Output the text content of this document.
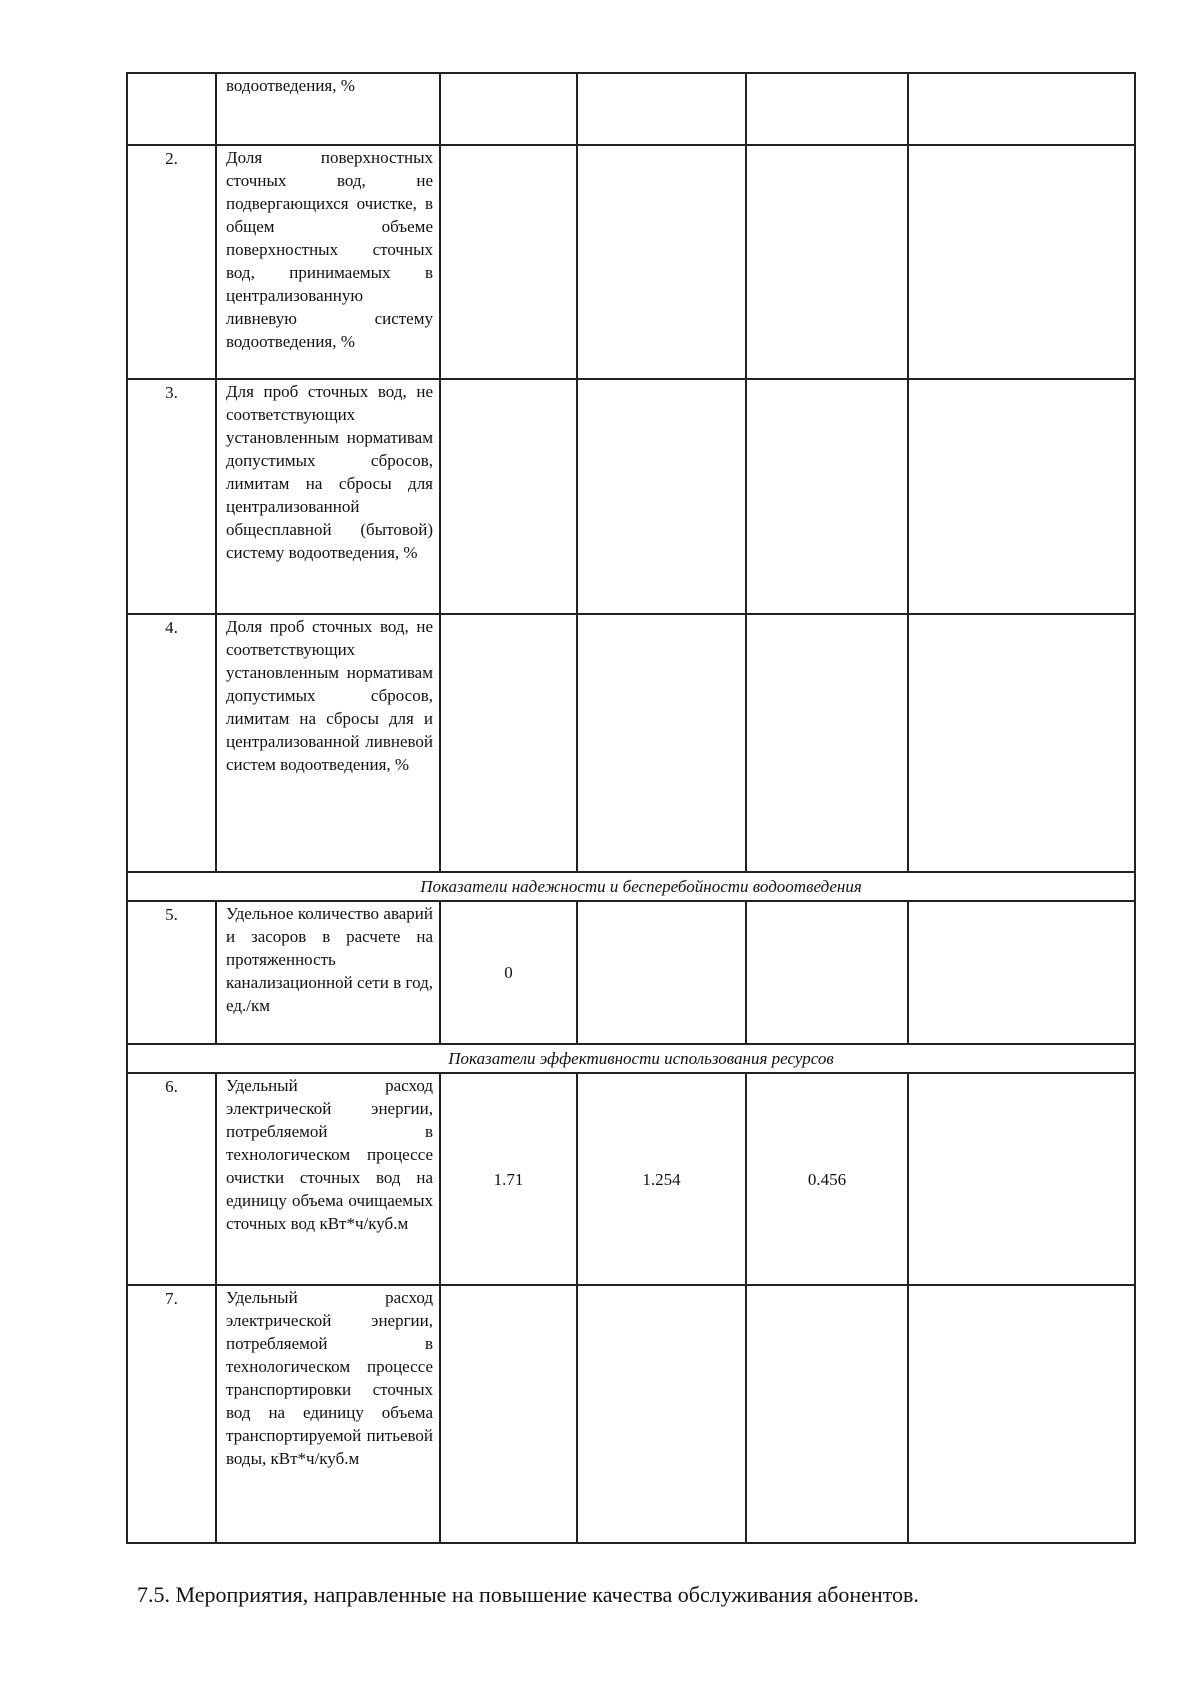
	водоотведения, %				

2.	Доля поверхностных сточных вод, не подвергающихся очистке, в общем объеме поверхностных сточных вод, принимаемых в централизованную ливневую систему водоотведения, %				

3.	Для проб сточных вод, не соответствующих установленным нормативам допустимых сбросов, лимитам на сбросы для централизованной общесплавной (бытовой) систему водоотведения, %				

4.	Доля проб сточных вод, не соответствующих установленным нормативам допустимых сбросов, лимитам на сбросы для и централизованной ливневой систем водоотведения, %				

Показатели надежности и бесперебойности водоотведения					
5.	Удельное количество аварий и засоров в расчете на протяженность канализационной сети в год, ед./км	0			
Показатели эффективности использования ресурсов					
6.	Удельный расход электрической энергии, потребляемой в технологическом процессе очистки сточных вод на единицу объема очищаемых сточных вод кВт*ч/куб.м	1.71	1.254	0.456	
7.	Удельный расход электрической энергии, потребляемой в технологическом процессе транспортировки сточных вод на единицу объема транспортируемой питьевой воды, кВт*ч/куб.м				

7.5. Мероприятия, направленные на повышение качества обслуживания абонентов.
